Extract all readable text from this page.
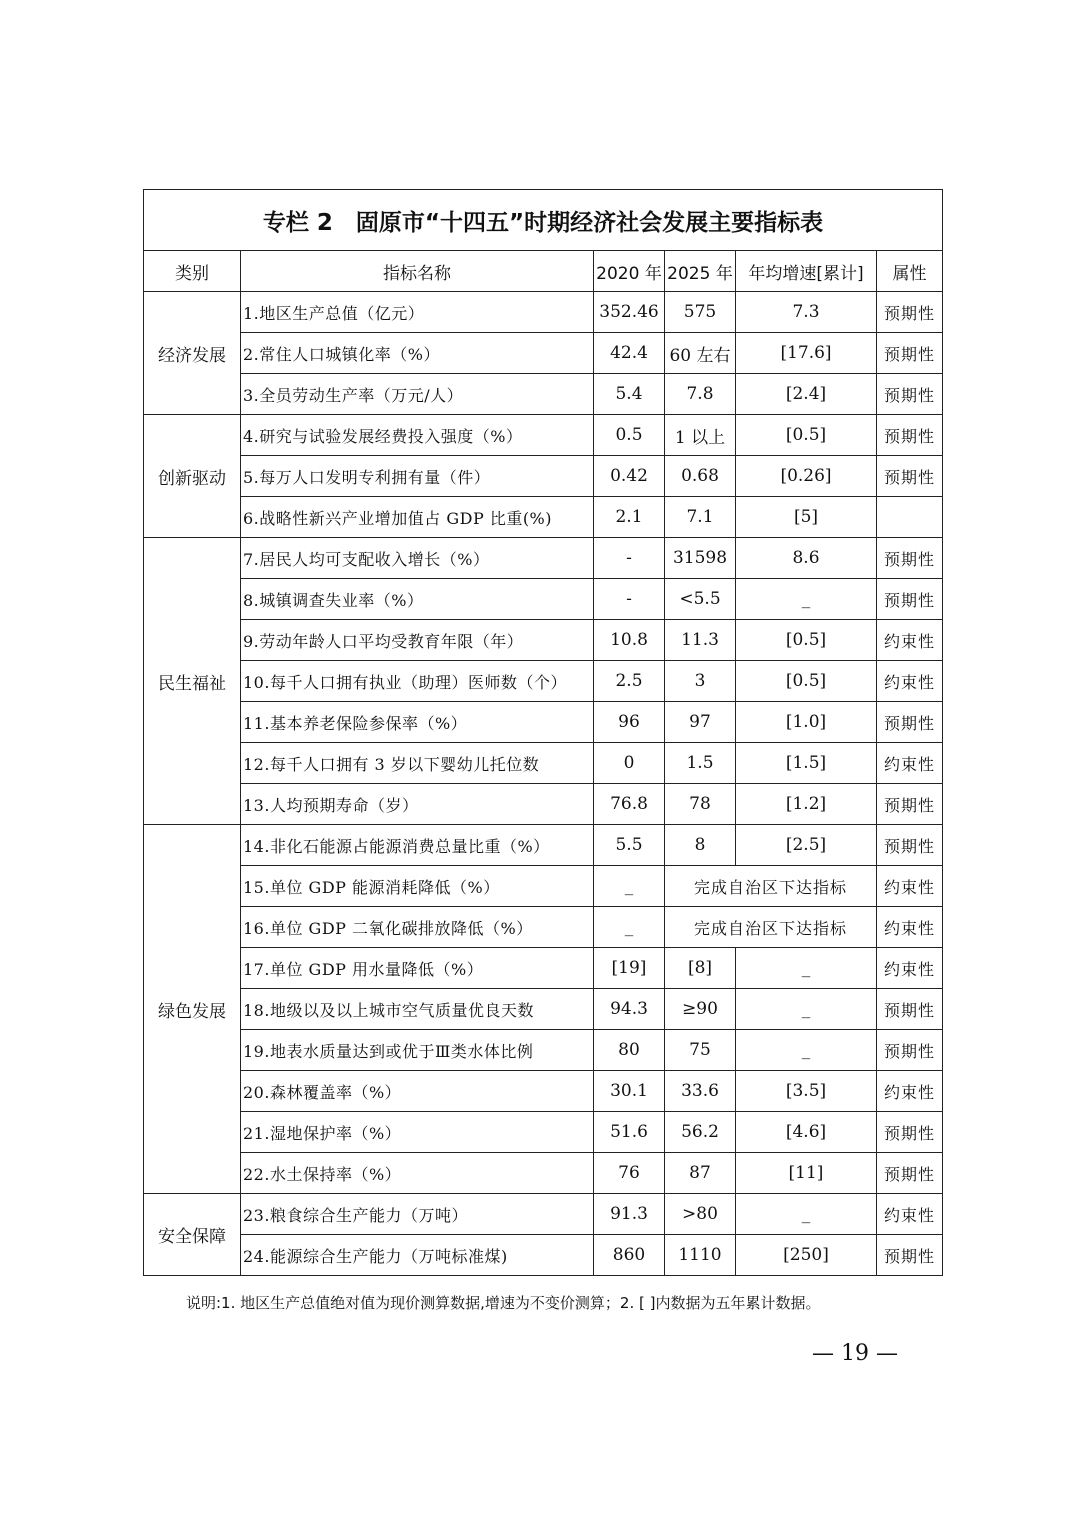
专栏 2　固原市“十四五”时期经济社会发展主要指标表					
类别	指标名称	2020 年	2025 年	年均增速[累计]	属性
经济发展	1.地区生产总值（亿元）	352.46	575	7.3	预期性
	2.常住人口城镇化率（%）	42.4	60 左右	[17.6]	预期性
	3.全员劳动生产率（万元/人）	5.4	7.8	[2.4]	预期性
创新驱动	4.研究与试验发展经费投入强度（%）	0.5	1 以上	[0.5]	预期性
	5.每万人口发明专利拥有量（件）	0.42	0.68	[0.26]	预期性
	6.战略性新兴产业增加值占 GDP 比重(%)	2.1	7.1	[5]	
民生福祉	7.居民人均可支配收入增长（%）	-	31598	8.6	预期性
	8.城镇调查失业率（%）	-	<5.5	_	预期性
	9.劳动年龄人口平均受教育年限（年）	10.8	11.3	[0.5]	约束性
	10.每千人口拥有执业（助理）医师数（个）	2.5	3	[0.5]	约束性
	11.基本养老保险参保率（%）	96	97	[1.0]	预期性
	12.每千人口拥有 3 岁以下婴幼儿托位数	0	1.5	[1.5]	约束性
	13.人均预期寿命（岁）	76.8	78	[1.2]	预期性
绿色发展	14.非化石能源占能源消费总量比重（%）	5.5	8	[2.5]	预期性
	15.单位 GDP 能源消耗降低（%）	_	完成自治区下达指标		约束性
	16.单位 GDP 二氧化碳排放降低（%）	_	完成自治区下达指标		约束性
	17.单位 GDP 用水量降低（%）	[19]	[8]	_	约束性
	18.地级以及以上城市空气质量优良天数	94.3	≥90	_	预期性
	19.地表水质量达到或优于Ⅲ类水体比例	80	75	_	预期性
	20.森林覆盖率（%）	30.1	33.6	[3.5]	约束性
	21.湿地保护率（%）	51.6	56.2	[4.6]	预期性
	22.水土保持率（%）	76	87	[11]	预期性
安全保障	23.粮食综合生产能力（万吨）	91.3	>80	_	约束性
	24.能源综合生产能力（万吨标准煤)	860	1110	[250]	预期性
说明:1. 地区生产总值绝对值为现价测算数据,增速为不变价测算；2. [ ]内数据为五年累计数据。
— 19 —
